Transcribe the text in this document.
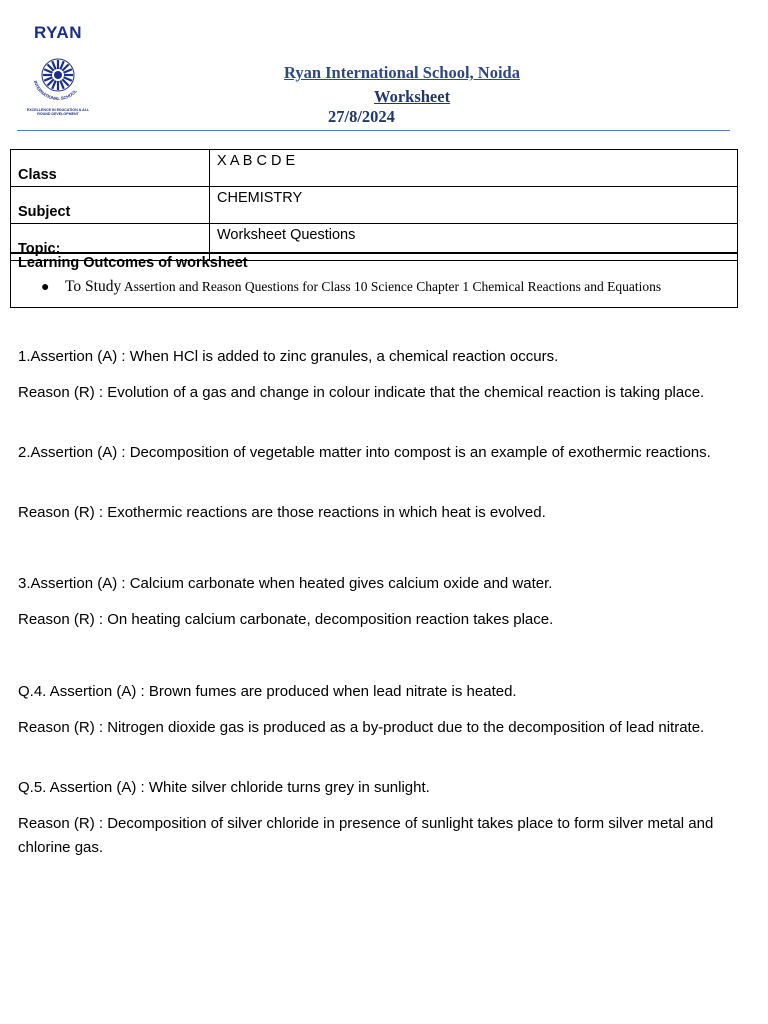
RYAN
INTERNATIONAL SCHOOL
EXCELLENCE IN EDUCATION & ALL ROUND DEVELOPMENT
Ryan International School, Noida
Worksheet
27/8/2024
Class	X A B C D E
Subject	CHEMISTRY
Topic:	Worksheet Questions
Learning Outcomes of worksheet
● To Study Assertion and Reason Questions for Class 10 Science Chapter 1 Chemical Reactions and Equations

1.Assertion (A) : When HCl is added to zinc granules, a chemical reaction occurs.

Reason (R) : Evolution of a gas and change in colour indicate that the chemical reaction is taking place.

2.Assertion (A) : Decomposition of vegetable matter into compost is an example of exothermic reactions.

Reason (R) : Exothermic reactions are those reactions in which heat is evolved.

3.Assertion (A) : Calcium carbonate when heated gives calcium oxide and water.

Reason (R) : On heating calcium carbonate, decomposition reaction takes place.

Q.4. Assertion (A) : Brown fumes are produced when lead nitrate is heated.

Reason (R) : Nitrogen dioxide gas is produced as a by-product due to the decomposition of lead nitrate.

Q.5. Assertion (A) : White silver chloride turns grey in sunlight.

Reason (R) : Decomposition of silver chloride in presence of sunlight takes place to form silver metal and chlorine gas.
